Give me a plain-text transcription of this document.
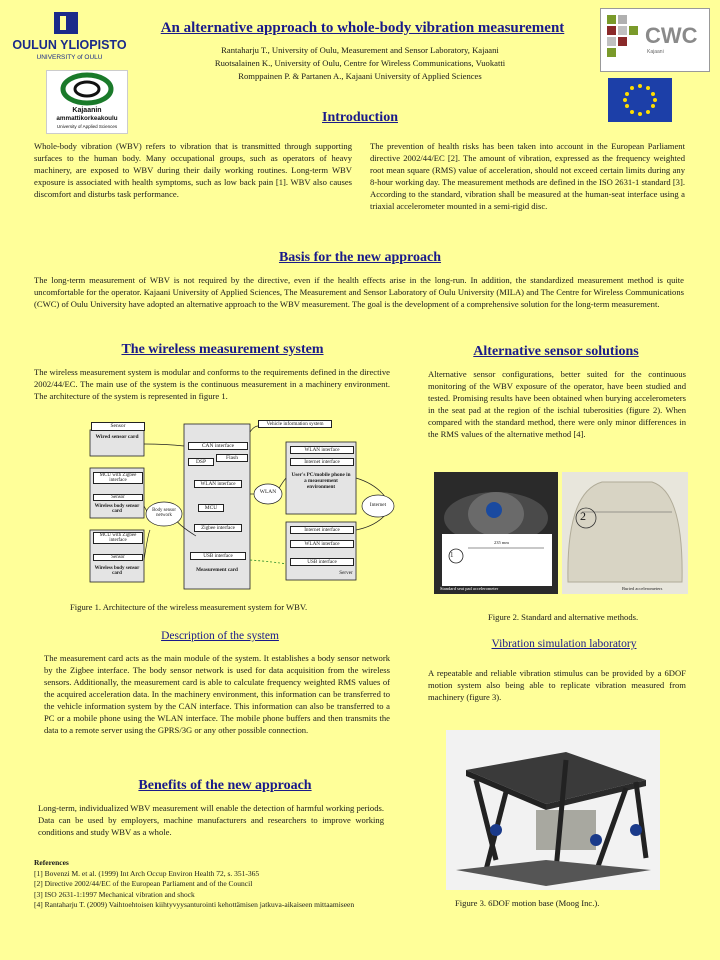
OULUN YLIOPISTO
UNIVERSITY of OULU
Kajaanin
ammattikorkeakoulu
University of Applied Sciences
An alternative approach to whole-body vibration measurement
Rantaharju T., University of Oulu, Measurement and Sensor Laboratory, Kajaani
Ruotsalainen K., University of Oulu, Centre for Wireless Communications, Vuokatti
Romppainen P. & Partanen A., Kajaani University of Applied Sciences
CWC
Kajaani
Introduction
Whole-body vibration (WBV) refers to vibration that is transmitted through supporting surfaces to the human body. Many occupational groups, such as operators of heavy machinery, are exposed to WBV during their daily working routines. Long-term WBV exposure is associated with health symptoms, such as low back pain [1]. WBV also causes discomfort and disturbs task performance.
The prevention of health risks has been taken into account in the European Parliament directive 2002/44/EC [2]. The amount of vibration, expressed as the frequency weighted root mean square (RMS) value of acceleration, should not exceed certain limits during any 8-hour working day. The measurement methods are defined in the ISO 2631-1 standard [3]. According to the standard, vibration shall be measured at the human-seat interface using a triaxial accelerometer mounted in a semi-rigid disc.
Basis for the new approach
The long-term measurement of WBV is not required by the directive, even if the health effects arise in the long-run. In addition, the standardized measurement method is quite uncomfortable for the operator. Kajaani University of Applied Sciences, The Measurement and Sensor Laboratory of Oulu University (MILA) and The Centre for Wireless Communications (CWC) of Oulu University have adopted an alternative approach to the WBV measurement. The goal is the development of a comprehensive solution for the long-term measurement.
The wireless measurement system
The wireless measurement system is modular and conforms to the requirements defined in the directive 2002/44/EC. The main use of the system is the continuous measurement in a machinery environment. The architecture of the system is represented in figure 1.
Sensor
Wired sensor card
MCU with Zigbee interface
Sensor
Wireless body sensor card
MCU with Zigbee interface
Sensor
Wireless body sensor card
Body sensor network
CAN interface
DSP
Flash
WLAN interface
MCU
Zigbee interface
USB interface
Measurement card
Vehicle information system
WLAN
WLAN interface
Internet interface
User's PC/mobile phone in a measurement environment
Internet
Internet interface
WLAN interface
USB interface
Server
Figure 1. Architecture of the wireless measurement system for WBV.
Description of the system
The measurement card acts as the main module of the system. It establishes a body sensor network by the Zigbee interface. The body sensor network is used for data acquisition from the wireless sensors. Additionally, the measurement card is able to calculate frequency weighted RMS values of the acquired acceleration data. In the machinery environment, this information can be transferred to the vehicle information system by the CAN interface. This information can also be transferred to a PC or a mobile phone using the WLAN interface. The mobile phone buffers and then transmits the data to a remote server using the GPRS/3G or any other possible connection.
Benefits of the new approach
Long-term, individualized WBV measurement will enable the detection of harmful working periods. Data can be used by employers, machine manufacturers and researchers to improve working conditions and study WBV as a whole.
References
[1] Bovenzi M. et al. (1999) Int Arch Occup Environ Health 72, s. 351-365
[2] Directive 2002/44/EC of the European Parliament and of the Council
[3] ISO 2631-1:1997 Mechanical vibration and shock
[4] Rantaharju T. (2009) Vaihtoehtoisen kiihtyvyysanturointi kehottämisen jatkuva-aikaiseen mittaamiseen
Alternative sensor solutions
Alternative sensor configurations, better suited for the continuous monitoring of the WBV exposure of the operator, have been studied and tested. Promising results have been obtained when burying accelerometers in the seat pad at the region of the ischial tuberosities (figure 2). When compared with the standard method, there were only minor differences in the RMS values of the alternative method [4].
1
235 mm
Standard seat pad accelerometer
2
Buried accelerometers
Figure 2. Standard and alternative methods.
Vibration simulation laboratory
A repeatable and reliable vibration stimulus can be provided by a 6DOF motion system also being able to replicate vibration measured from machinery (figure 3).
Figure 3. 6DOF motion base (Moog Inc.).
